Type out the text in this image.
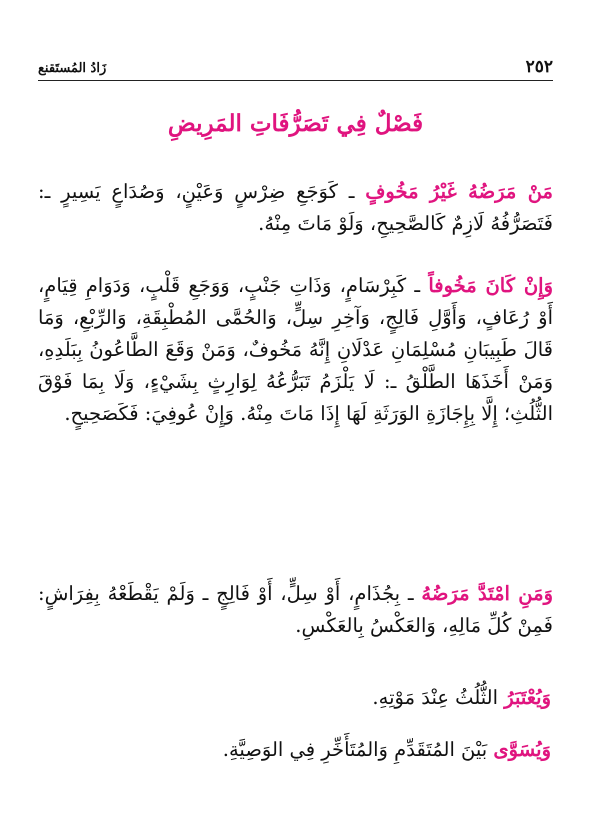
٢٥٢
زَادُ المُستَقنع
فَصْلٌ فِي تَصَرُّفَاتِ المَرِيضِ
مَنْ مَرَضُهُ غَيْرُ مَخُوفٍ ـ كَوَجَعِ ضِرْسٍ وَعَيْنٍ، وَصُدَاعٍ يَسِيرٍ ـ: فَتَصَرُّفُهُ لَازِمٌ كَالصَّحِيحِ، وَلَوْ مَاتَ مِنْهُ.
وَإِنْ كَانَ مَخُوفاً ـ كَبِرْسَامٍ، وَذَاتِ جَنْبٍ، وَوَجَعِ قَلْبٍ، وَدَوَامِ قِيَامٍ، أَوْ رُعَافٍ، وَأَوَّلِ فَالِجٍ، وَآخِرِ سِلٍّ، وَالحُمَّى المُطْبِقَةِ، وَالرِّبْعِ، وَمَا قَالَ طَبِيبَانِ مُسْلِمَانِ عَدْلَانِ إِنَّهُ مَخُوفٌ، وَمَنْ وَقَعَ الطَّاعُونُ بِبَلَدِهِ، وَمَنْ أَخَذَهَا الطَّلْقُ ـ: لَا يَلْزَمُ تَبَرُّعُهُ لِوَارِثٍ بِشَيْءٍ، وَلَا بِمَا فَوْقَ الثُّلُثِ؛ إِلَّا بِإِجَازَةِ الوَرَثَةِ لَهَا إِذَا مَاتَ مِنْهُ. وَإِنْ عُوفِيَ: فَكَصَحِيحٍ.
وَمَنِ امْتَدَّ مَرَضُهُ ـ بِجُذَامٍ، أَوْ سِلٍّ، أَوْ فَالِجٍ ـ وَلَمْ يَقْطَعْهُ بِفِرَاشٍ: فَمِنْ كُلِّ مَالِهِ، وَالعَكْسُ بِالعَكْسِ.
وَيُعْتَبَرُ الثُّلُثُ عِنْدَ مَوْتِهِ.
وَيُسَوَّى بَيْنَ المُتَقَدِّمِ وَالمُتَأَخِّرِ فِي الوَصِيَّةِ.
